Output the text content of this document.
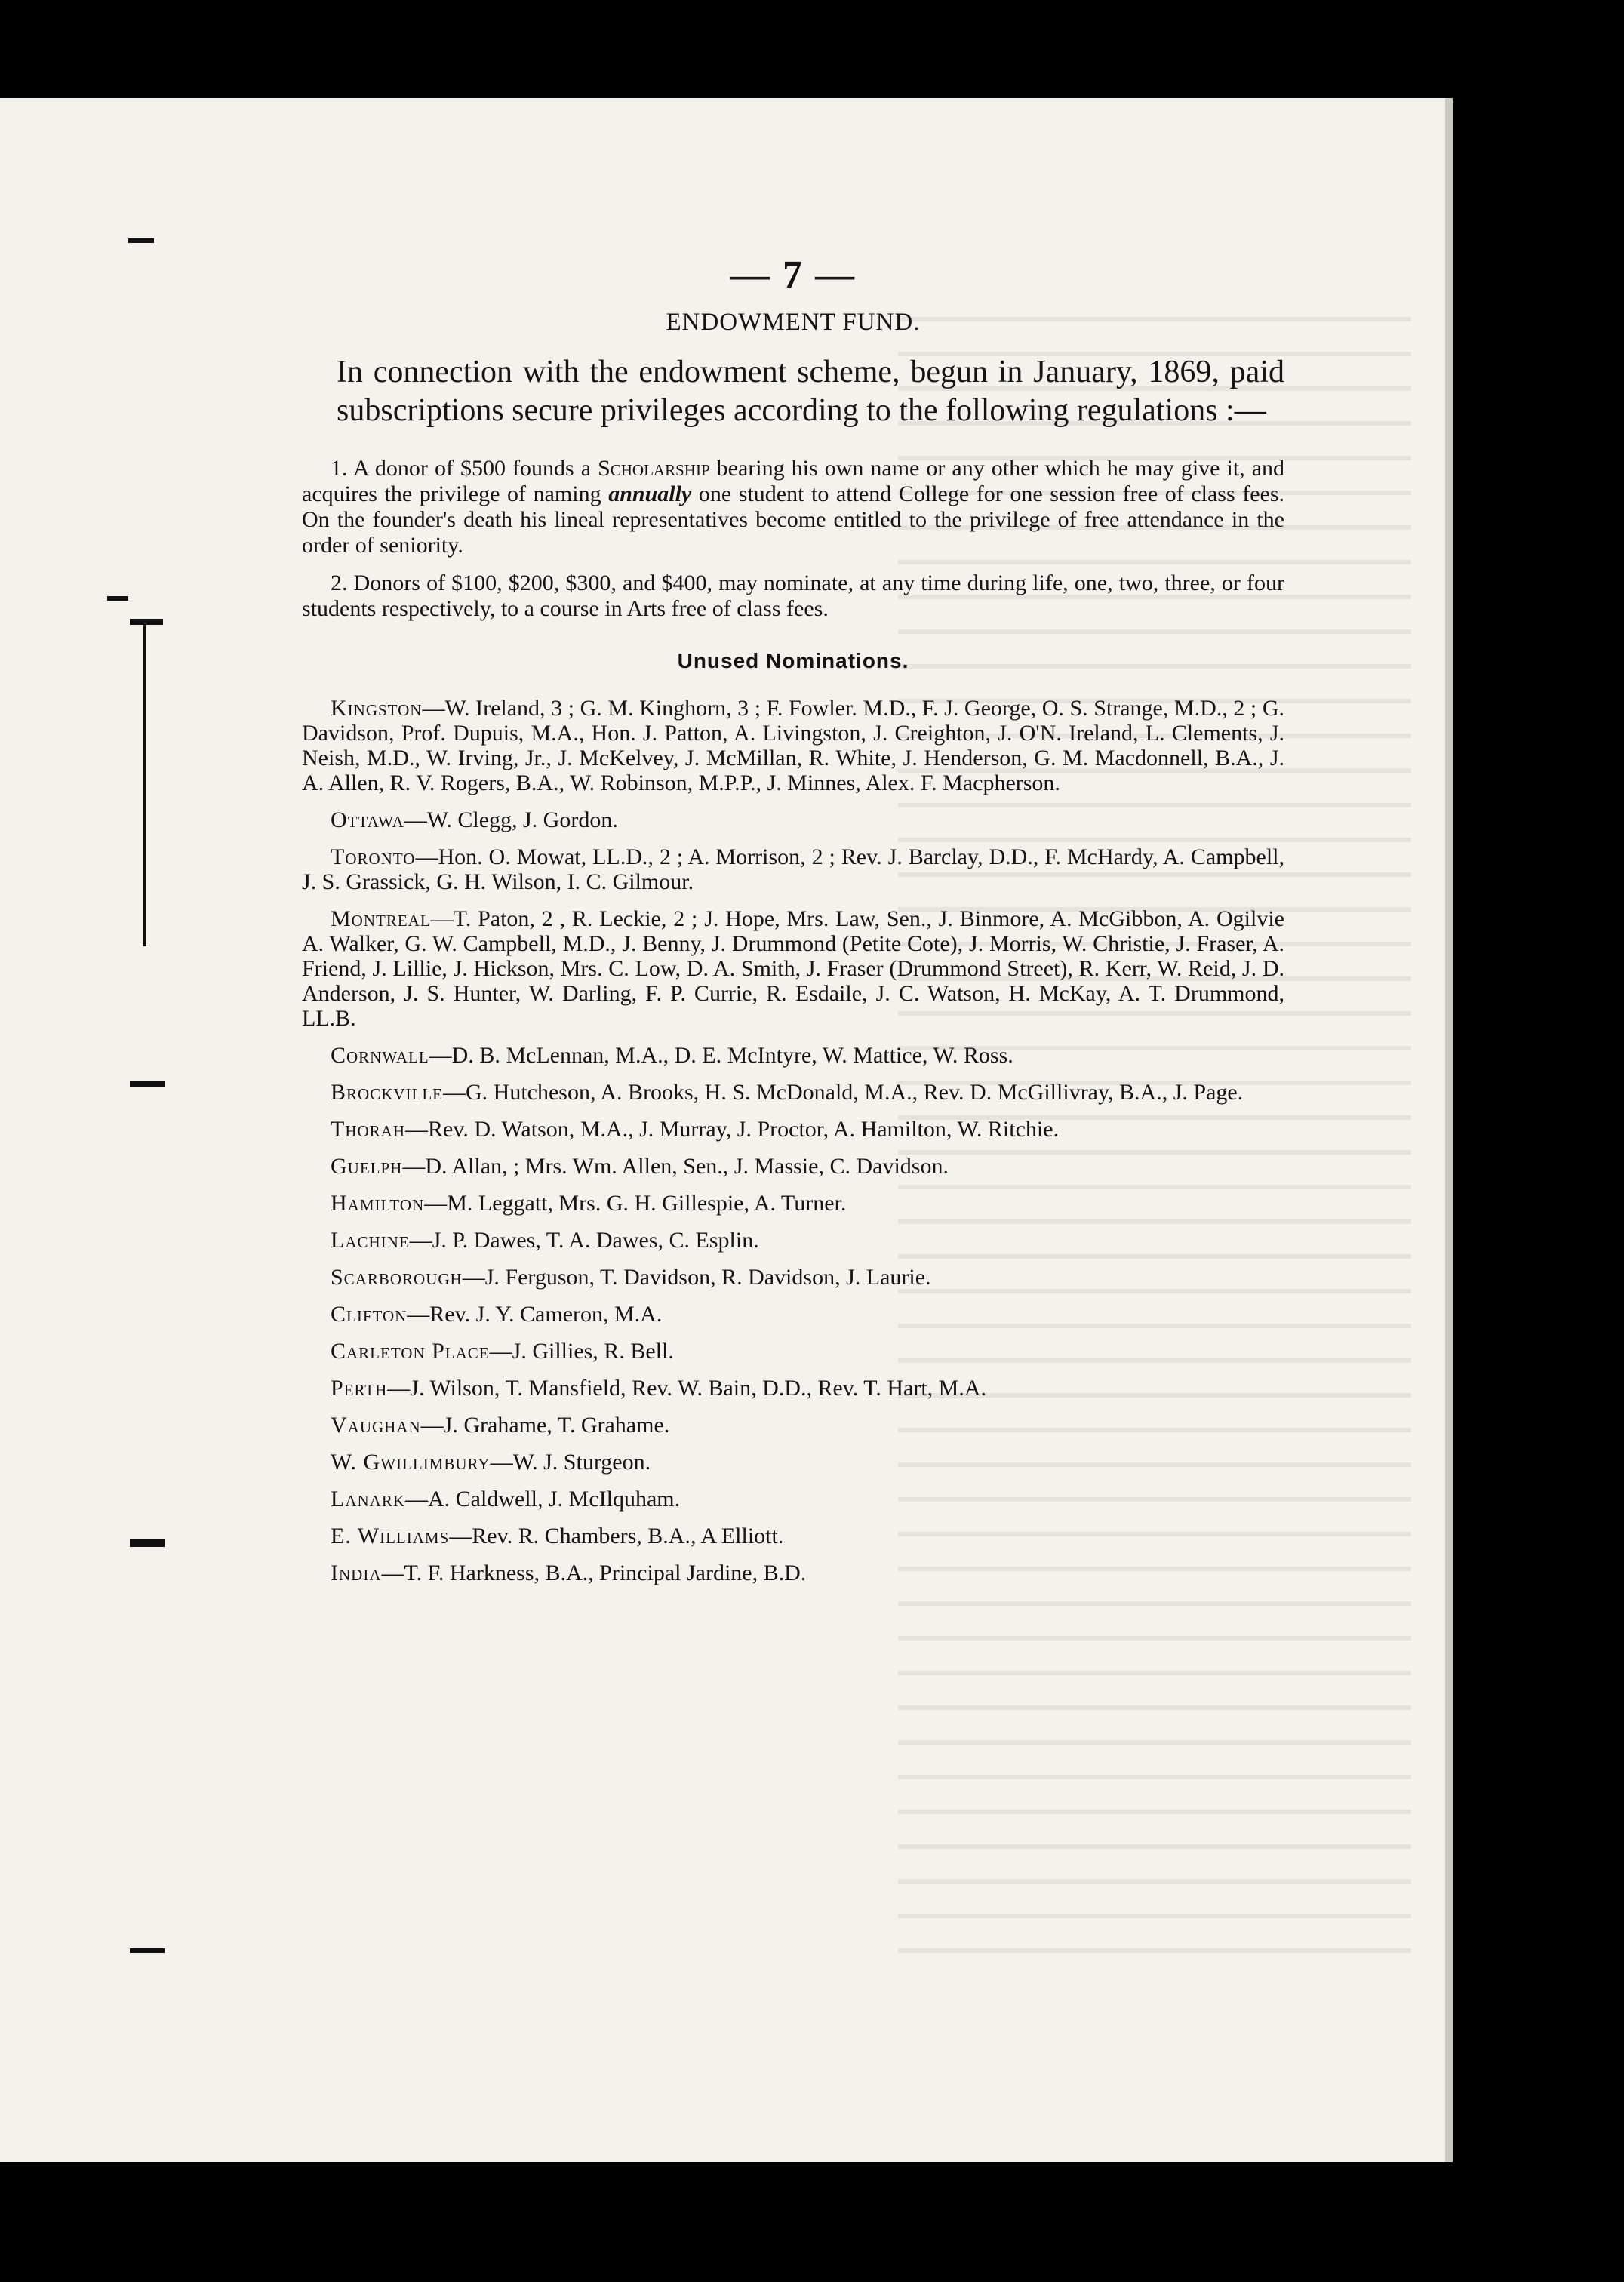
— 7 —
ENDOWMENT FUND.
In connection with the endowment scheme, begun in January, 1869, paid subscriptions secure privileges according to the following regulations :—
1. A donor of $500 founds a Scholarship bearing his own name or any other which he may give it, and acquires the privilege of naming annually one student to attend College for one session free of class fees. On the founder's death his lineal representatives become entitled to the privilege of free attendance in the order of seniority.
2. Donors of $100, $200, $300, and $400, may nominate, at any time during life, one, two, three, or four students respectively, to a course in Arts free of class fees.
Unused Nominations.
Kingston—W. Ireland, 3 ; G. M. Kinghorn, 3 ; F. Fowler. M.D., F. J. George, O. S. Strange, M.D., 2 ; G. Davidson, Prof. Dupuis, M.A., Hon. J. Patton, A. Livingston, J. Creighton, J. O'N. Ireland, L. Clements, J. Neish, M.D., W. Irving, Jr., J. McKelvey, J. McMillan, R. White, J. Henderson, G. M. Macdonnell, B.A., J. A. Allen, R. V. Rogers, B.A., W. Robinson, M.P.P., J. Minnes, Alex. F. Macpherson.
Ottawa—W. Clegg, J. Gordon.
Toronto—Hon. O. Mowat, LL.D., 2 ; A. Morrison, 2 ; Rev. J. Barclay, D.D., F. McHardy, A. Campbell, J. S. Grassick, G. H. Wilson, I. C. Gilmour.
Montreal—T. Paton, 2 , R. Leckie, 2 ; J. Hope, Mrs. Law, Sen., J. Binmore, A. McGibbon, A. Ogilvie A. Walker, G. W. Campbell, M.D., J. Benny, J. Drummond (Petite Cote), J. Morris, W. Christie, J. Fraser, A. Friend, J. Lillie, J. Hickson, Mrs. C. Low, D. A. Smith, J. Fraser (Drummond Street), R. Kerr, W. Reid, J. D. Anderson, J. S. Hunter, W. Darling, F. P. Currie, R. Esdaile, J. C. Watson, H. McKay, A. T. Drummond, LL.B.
Cornwall—D. B. McLennan, M.A., D. E. McIntyre, W. Mattice, W. Ross.
Brockville—G. Hutcheson, A. Brooks, H. S. McDonald, M.A., Rev. D. McGillivray, B.A., J. Page.
Thorah—Rev. D. Watson, M.A., J. Murray, J. Proctor, A. Hamilton, W. Ritchie.
Guelph—D. Allan, ; Mrs. Wm. Allen, Sen., J. Massie, C. Davidson.
Hamilton—M. Leggatt, Mrs. G. H. Gillespie, A. Turner.
Lachine—J. P. Dawes, T. A. Dawes, C. Esplin.
Scarborough—J. Ferguson, T. Davidson, R. Davidson, J. Laurie.
Clifton—Rev. J. Y. Cameron, M.A.
Carleton Place—J. Gillies, R. Bell.
Perth—J. Wilson, T. Mansfield, Rev. W. Bain, D.D., Rev. T. Hart, M.A.
Vaughan—J. Grahame, T. Grahame.
W. Gwillimbury—W. J. Sturgeon.
Lanark—A. Caldwell, J. McIlquham.
E. Williams—Rev. R. Chambers, B.A., A Elliott.
India—T. F. Harkness, B.A., Principal Jardine, B.D.
